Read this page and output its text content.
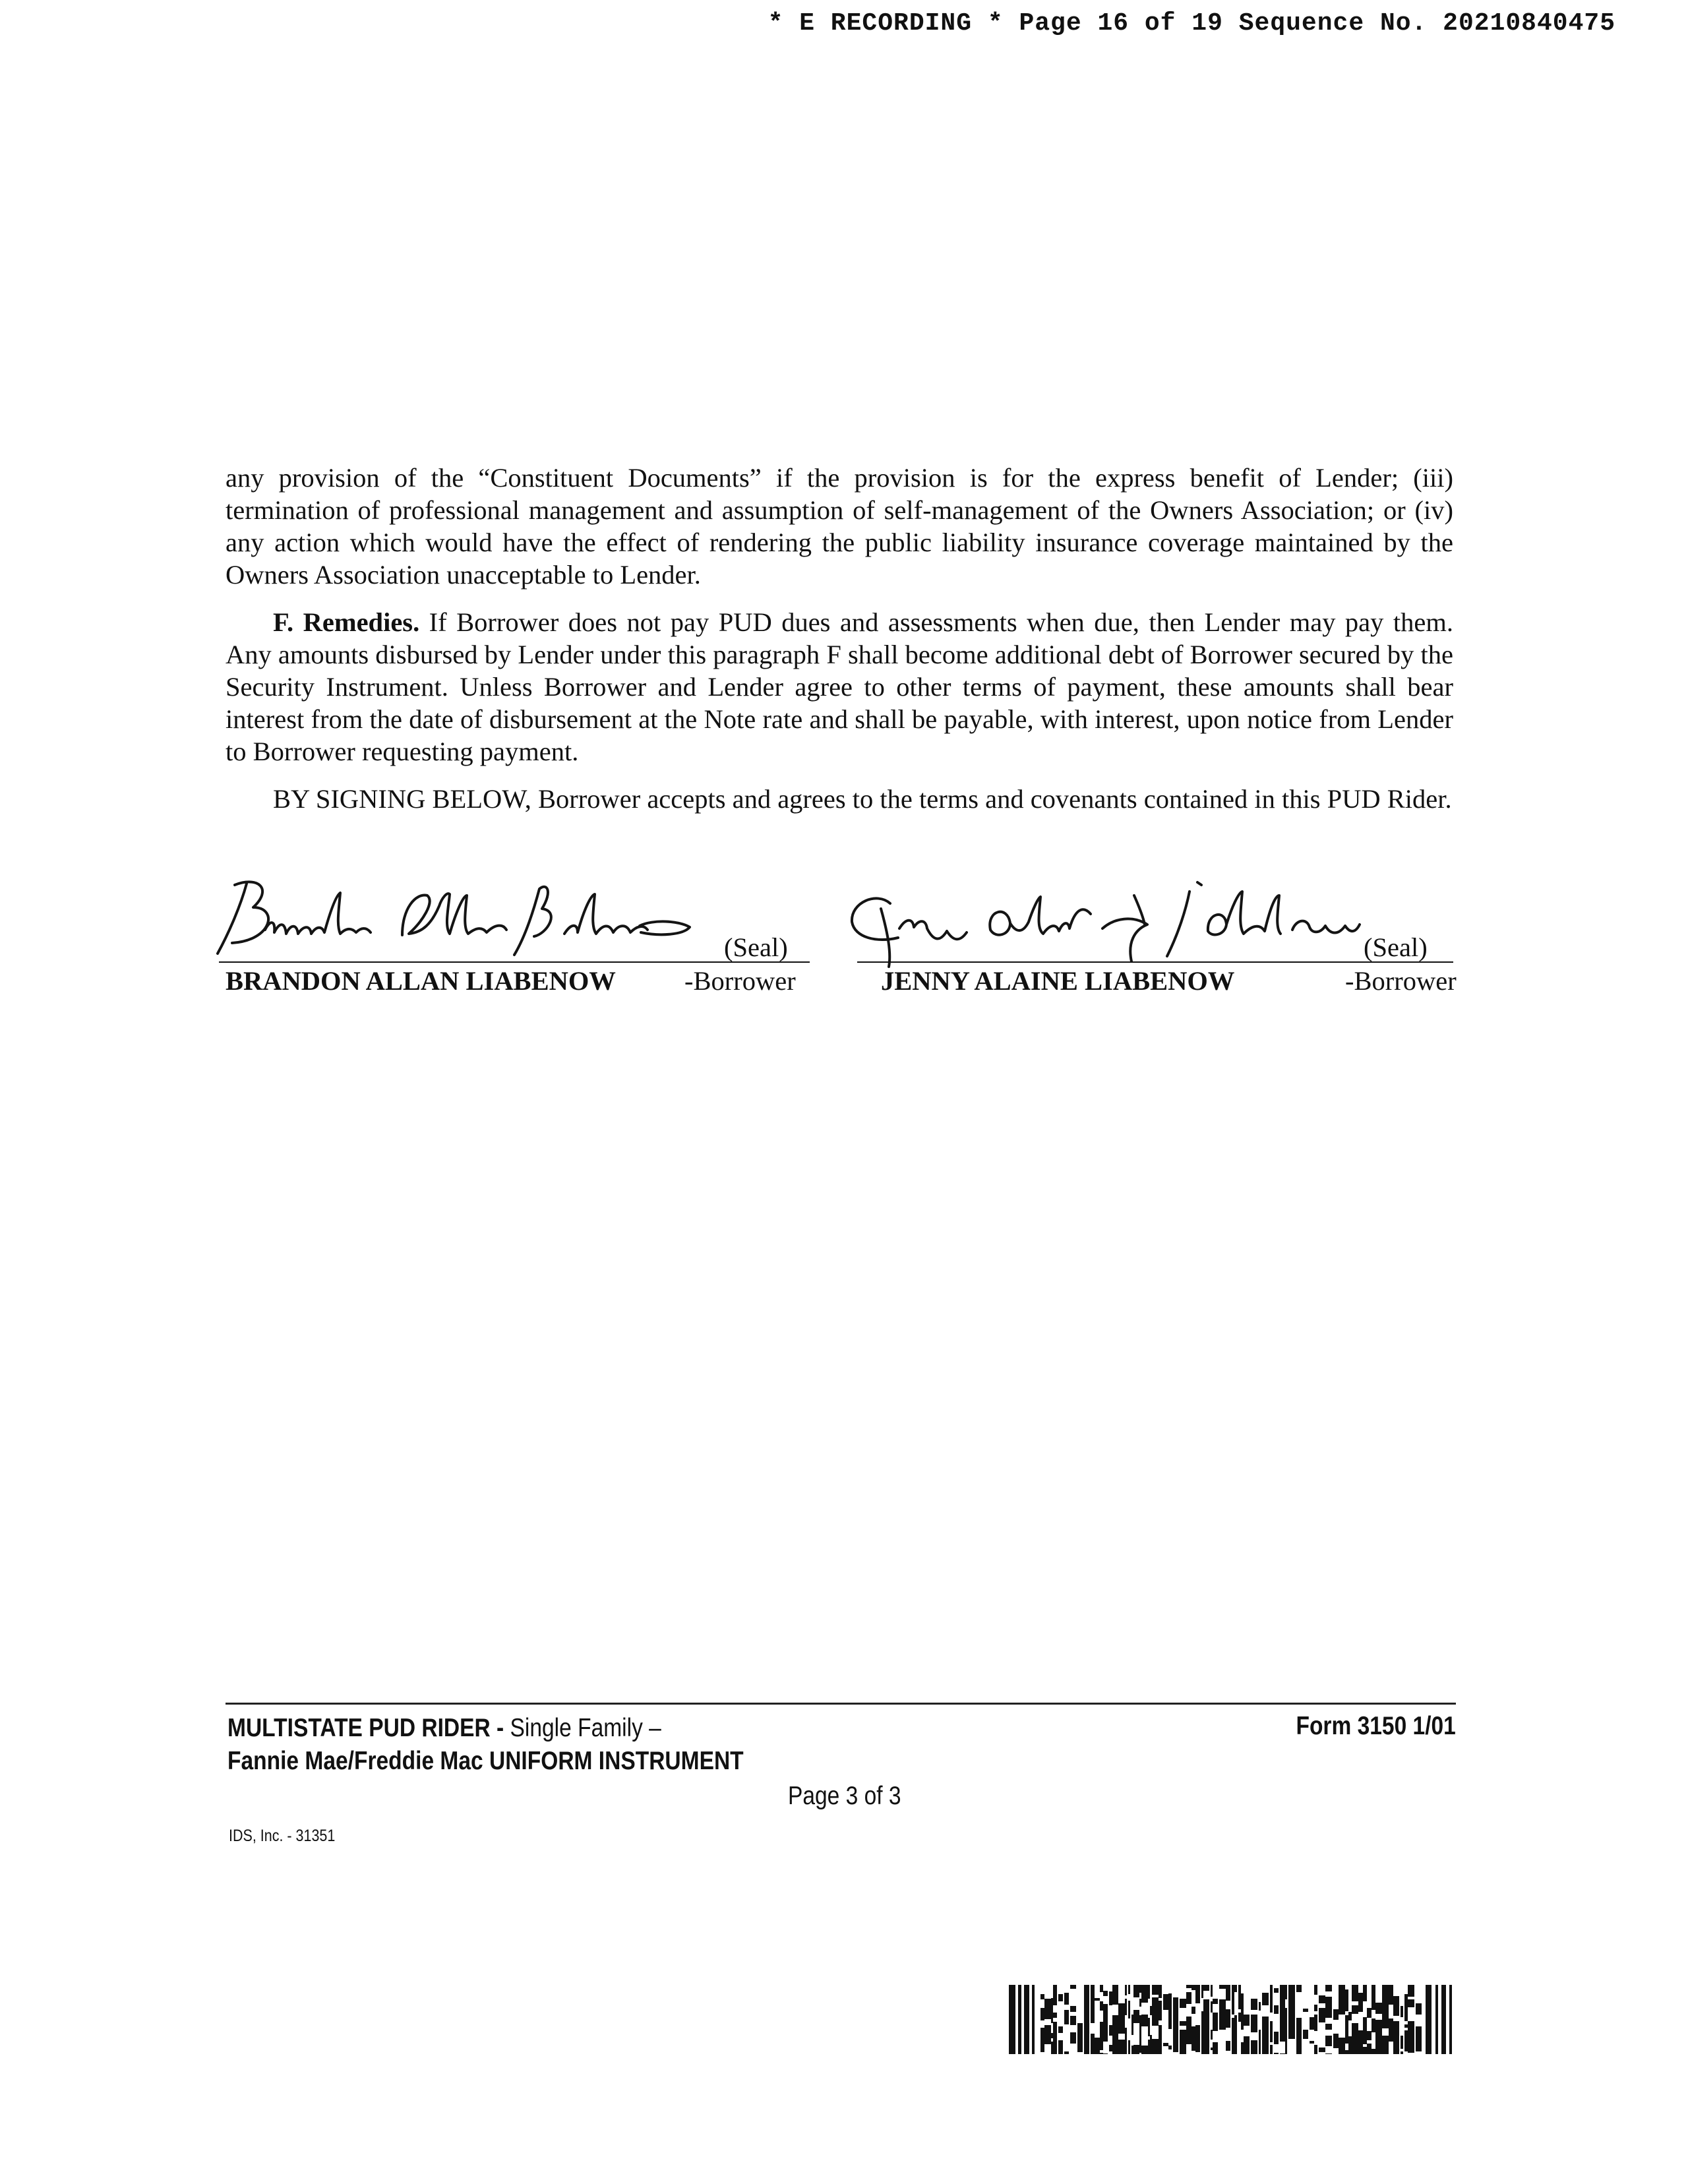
* E RECORDING * Page 16 of 19 Sequence No. 20210840475

any provision of the “Constituent Documents” if the provision is for the express benefit of Lender; (iii) termination of professional management and assumption of self-management of the Owners Association; or (iv) any action which would have the effect of rendering the public liability insurance coverage maintained by the Owners Association unacceptable to Lender.

F. Remedies. If Borrower does not pay PUD dues and assessments when due, then Lender may pay them. Any amounts disbursed by Lender under this paragraph F shall become additional debt of Borrower secured by the Security Instrument. Unless Borrower and Lender agree to other terms of payment, these amounts shall bear interest from the date of disbursement at the Note rate and shall be payable, with interest, upon notice from Lender to Borrower requesting payment.

BY SIGNING BELOW, Borrower accepts and agrees to the terms and covenants contained in this PUD Rider.

(Seal)
BRANDON ALLAN LIABENOW	-Borrower
(Seal)
JENNY ALAINE LIABENOW	-Borrower
MULTISTATE PUD RIDER - Single Family –
Fannie Mae/Freddie Mac UNIFORM INSTRUMENT
Form 3150 1/01
Page 3 of 3
IDS, Inc. - 31351
